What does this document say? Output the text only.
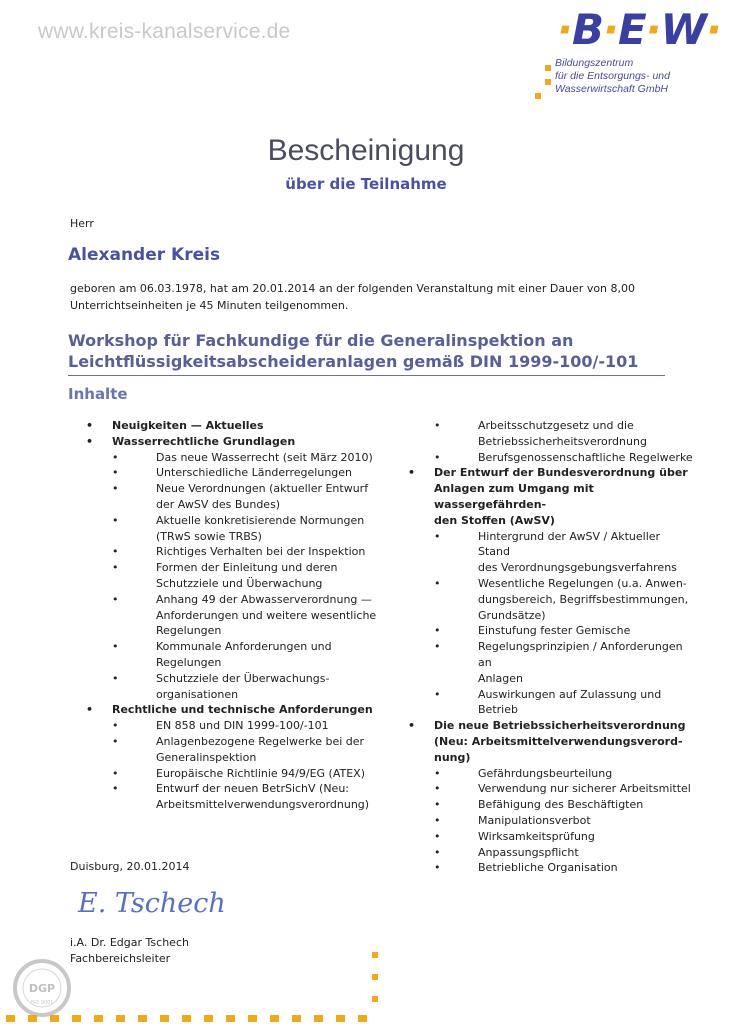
www.kreis-kanalservice.de	·B·E·W·
Bildungszentrum
für die Entsorgungs- und
Wasserwirtschaft GmbH
Bescheinigung
über die Teilnahme
Herr
Alexander Kreis
geboren am 06.03.1978, hat am 20.01.2014 an der folgenden Veranstaltung mit einer Dauer von 8,00
Unterrichtseinheiten je 45 Minuten teilgenommen.
Workshop für Fachkundige für die Generalinspektion an
Leichtflüssigkeitsabscheideranlagen gemäß DIN 1999-100/-101
Inhalte
• Neuigkeiten — Aktuelles
• Wasserrechtliche Grundlagen
•	Das neue Wasserrecht (seit März 2010)
•	Unterschiedliche Länderregelungen
•	Neue Verordnungen (aktueller Entwurf
der AwSV des Bundes)
•	Aktuelle konkretisierende Normungen
(TRwS sowie TRBS)
•	Richtiges Verhalten bei der Inspektion
•	Formen der Einleitung und deren
Schutzziele und Überwachung
•	Anhang 49 der Abwasserverordnung —
Anforderungen und weitere wesentliche
Regelungen
•	Kommunale Anforderungen und
Regelungen
•	Schutzziele der Überwachungs-
organisationen
• Rechtliche und technische Anforderungen
•	EN 858 und DIN 1999-100/-101
•	Anlagenbezogene Regelwerke bei der
Generalinspektion
•	Europäische Richtlinie 94/9/EG (ATEX)
•	Entwurf der neuen BetrSichV (Neu:
Arbeitsmittelverwendungsverordnung)
•	Arbeitsschutzgesetz und die
Betriebssicherheitsverordnung
•	Berufsgenossenschaftliche Regelwerke
• Der Entwurf der Bundesverordnung über
Anlagen zum Umgang mit wassergefährden-
den Stoffen (AwSV)
•	Hintergrund der AwSV / Aktueller Stand
des Verordnungsgebungsverfahrens
•	Wesentliche Regelungen (u.a. Anwen-
dungsbereich, Begriffsbestimmungen,
Grundsätze)
•	Einstufung fester Gemische
•	Regelungsprinzipien / Anforderungen an
Anlagen
•	Auswirkungen auf Zulassung und Betrieb
• Die neue Betriebssicherheitsverordnung
(Neu: Arbeitsmittelverwendungsverord-
nung)
•	Gefährdungsbeurteilung
•	Verwendung nur sicherer Arbeitsmittel
•	Befähigung des Beschäftigten
•	Manipulationsverbot
•	Wirksamkeitsprüfung
•	Anpassungspflicht
•	Betriebliche Organisation
Duisburg, 20.01.2014
E. Tschech
i.A. Dr. Edgar Tschech
Fachbereichsleiter
DGP
ISO 9001
